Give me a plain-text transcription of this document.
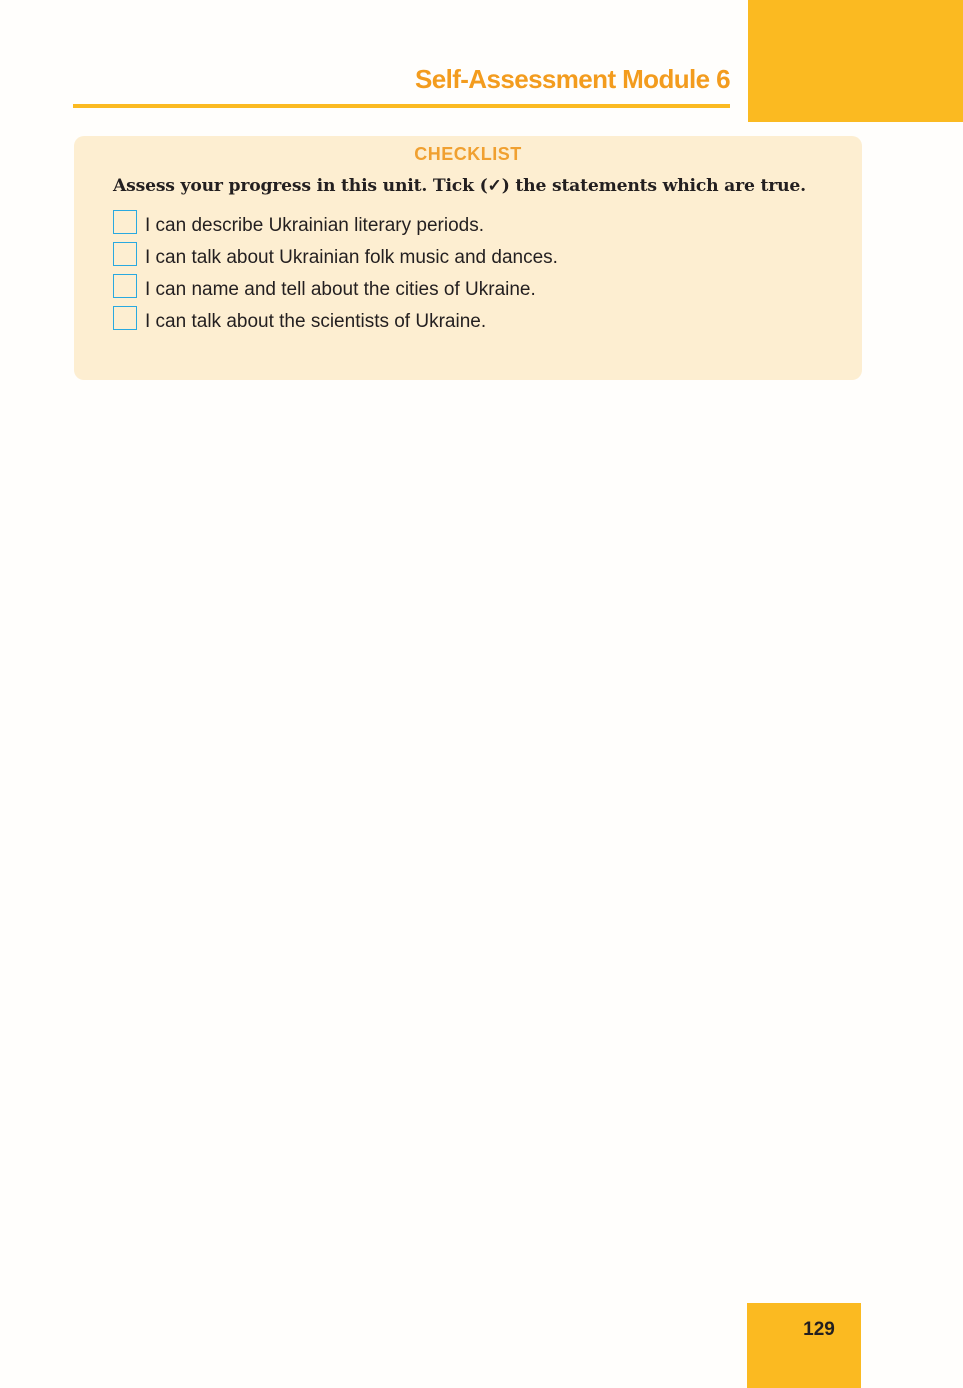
Self-Assessment Module 6
CHECKLIST
Assess your progress in this unit. Tick (✓) the statements which are true.
I can describe Ukrainian literary periods.
I can talk about Ukrainian folk music and dances.
I can name and tell about the cities of Ukraine.
I can talk about the scientists of Ukraine.
129
